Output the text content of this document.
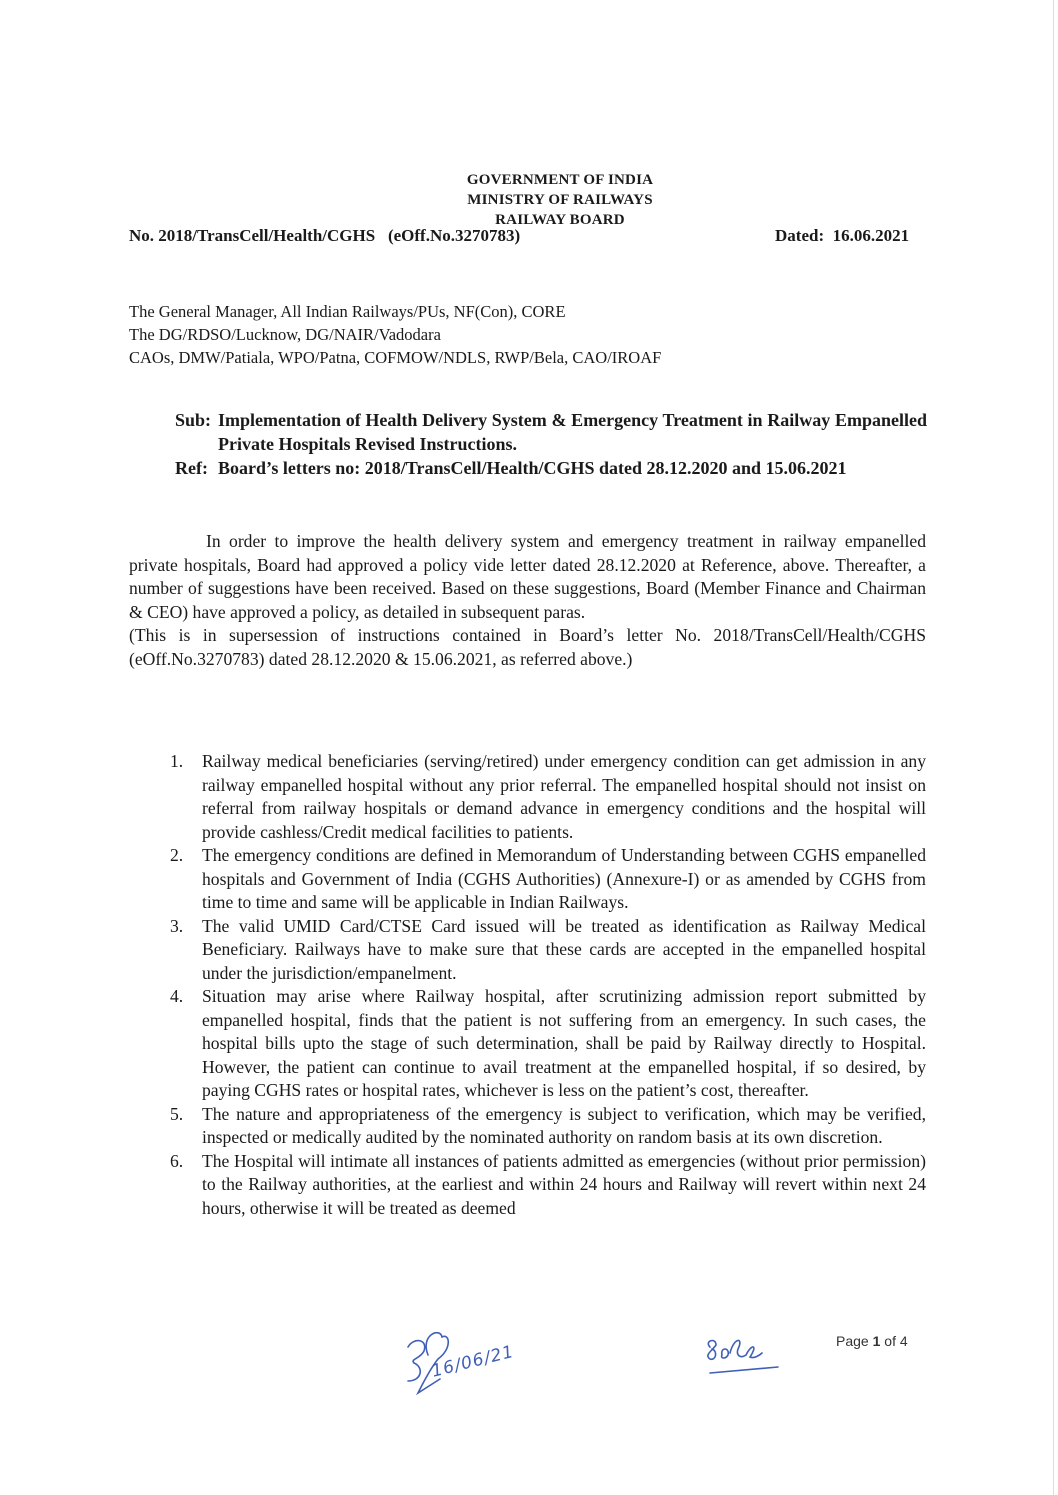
GOVERNMENT OF INDIA
MINISTRY OF RAILWAYS
RAILWAY BOARD
No. 2018/TransCell/Health/CGHS   (eOff.No.3270783)	Dated:  16.06.2021
The General Manager, All Indian Railways/PUs, NF(Con), CORE
The DG/RDSO/Lucknow, DG/NAIR/Vadodara
CAOs, DMW/Patiala, WPO/Patna, COFMOW/NDLS, RWP/Bela, CAO/IROAF
Sub: Implementation of Health Delivery System & Emergency Treatment in Railway Empanelled Private Hospitals Revised Instructions.
Ref: Board’s letters no: 2018/TransCell/Health/CGHS dated 28.12.2020 and 15.06.2021
In order to improve the health delivery system and emergency treatment in railway empanelled private hospitals, Board had approved a policy vide letter dated 28.12.2020 at Reference, above. Thereafter, a number of suggestions have been received. Based on these suggestions, Board (Member Finance and Chairman & CEO) have approved a policy, as detailed in subsequent paras.
(This is in supersession of instructions contained in Board’s letter No. 2018/TransCell/Health/CGHS (eOff.No.3270783) dated 28.12.2020 & 15.06.2021, as referred above.)
1.	Railway medical beneficiaries (serving/retired) under emergency condition can get admission in any railway empanelled hospital without any prior referral. The empanelled hospital should not insist on referral from railway hospitals or demand advance in emergency conditions and the hospital will provide cashless/Credit medical facilities to patients.
2.	The emergency conditions are defined in Memorandum of Understanding between CGHS empanelled hospitals and Government of India (CGHS Authorities) (Annexure-I) or as amended by CGHS from time to time and same will be applicable in Indian Railways.
3.	The valid UMID Card/CTSE Card issued will be treated as identification as Railway Medical Beneficiary. Railways have to make sure that these cards are accepted in the empanelled hospital under the jurisdiction/empanelment.
4.	Situation may arise where Railway hospital, after scrutinizing admission report submitted by empanelled hospital, finds that the patient is not suffering from an emergency. In such cases, the hospital bills upto the stage of such determination, shall be paid by Railway directly to Hospital. However, the patient can continue to avail treatment at the empanelled hospital, if so desired, by paying CGHS rates or hospital rates, whichever is less on the patient’s cost, thereafter.
5.	The nature and appropriateness of the emergency is subject to verification, which may be verified, inspected or medically audited by the nominated authority on random basis at its own discretion.
6.	The Hospital will intimate all instances of patients admitted as emergencies (without prior permission) to the Railway authorities, at the earliest and within 24 hours and Railway will revert within next 24 hours, otherwise it will be treated as deemed
16/06/21
Page 1 of 4
